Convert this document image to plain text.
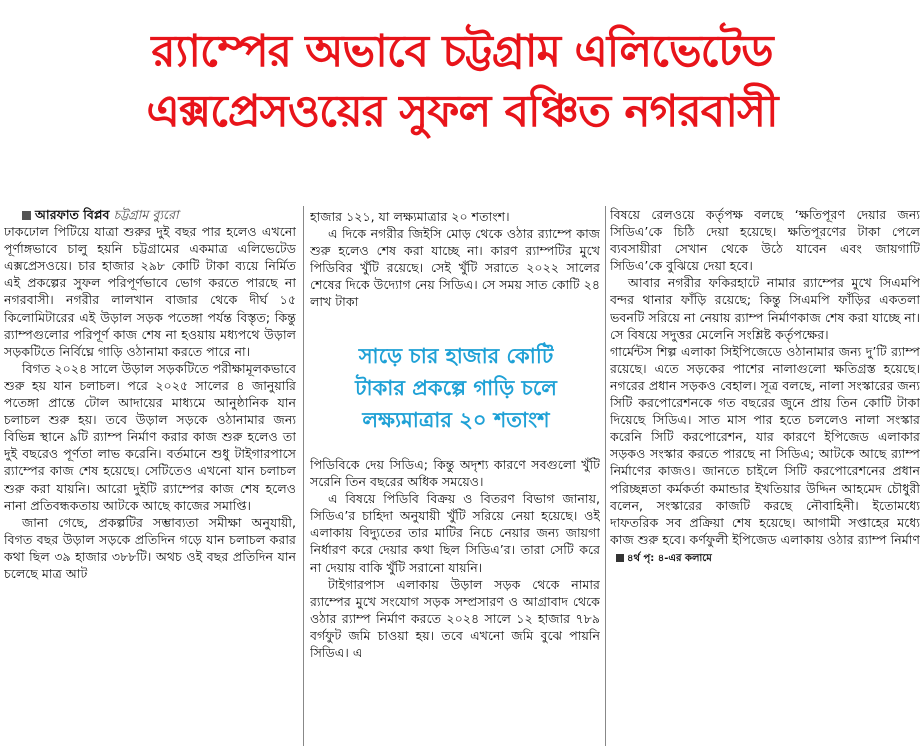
র‍্যাম্পের অভাবে চট্টগ্রাম এলিভেটেড
এক্সপ্রেসওয়ের সুফল বঞ্চিত নগরবাসী

আরফাত বিপ্লব চট্টগ্রাম ব্যুরো

ঢাকঢোল পিটিয়ে যাত্রা শুরুর দুই বছর পার হলেও এখনো পূর্ণাঙ্গভাবে চালু হয়নি চট্টগ্রামের একমাত্র এলিভেটেড এক্সপ্রেসওয়ে। চার হাজার ২৯৮ কোটি টাকা ব্যয়ে নির্মিত এই প্রকল্পের সুফল পরিপূর্ণভাবে ভোগ করতে পারছে না নগরবাসী। নগরীর লালখান বাজার থেকে দীর্ঘ ১৫ কিলোমিটারের এই উড়াল সড়ক পতেঙ্গা পর্যন্ত বিস্তৃত; কিন্তু র‍্যাম্পগুলোর পরিপূর্ণ কাজ শেষ না হওয়ায় মধ্যপথে উড়াল সড়কটিতে নির্বিঘ্নে গাড়ি ওঠানামা করতে পারে না।

বিগত ২০২৪ সালে উড়াল সড়কটিতে পরীক্ষামূলকভাবে শুরু হয় যান চলাচল। পরে ২০২৫ সালের ৪ জানুয়ারি পতেঙ্গা প্রান্তে টোল আদায়ের মাধ্যমে আনুষ্ঠানিক যান চলাচল শুরু হয়। তবে উড়াল সড়কে ওঠানামার জন্য বিভিন্ন স্থানে ৯টি র‍্যাম্প নির্মাণ করার কাজ শুরু হলেও তা দুই বছরেও পূর্ণতা লাভ করেনি। বর্তমানে শুধু টাইগারপাসে র‍্যাম্পের কাজ শেষ হয়েছে। সেটিতেও এখনো যান চলাচল শুরু করা যায়নি। আরো দুইটি র‍্যাম্পের কাজ শেষ হলেও নানা প্রতিবন্ধকতায় আটকে আছে কাজের সমাপ্তি।

জানা গেছে, প্রকল্পটির সম্ভাব্যতা সমীক্ষা অনুযায়ী, বিগত বছর উড়াল সড়কে প্রতিদিন গড়ে যান চলাচল করার কথা ছিল ৩৯ হাজার ৩৮৮টি। অথচ ওই বছর প্রতিদিন যান চলেছে মাত্র আট

হাজার ১২১, যা লক্ষ্যমাত্রার ২০ শতাংশ।

এ দিকে নগরীর জিইসি মোড় থেকে ওঠার র‍্যাম্পে কাজ শুরু হলেও শেষ করা যাচ্ছে না। কারণ র‍্যাম্পটির মুখে পিডিবির খুঁটি রয়েছে। সেই খুঁটি সরাতে ২০২২ সালের শেষের দিকে উদ্যোগ নেয় সিডিএ। সে সময় সাত কোটি ২৪ লাখ টাকা

সাড়ে চার হাজার কোটি
টাকার প্রকল্পে গাড়ি চলে
লক্ষ্যমাত্রার ২০ শতাংশ

পিডিবিকে দেয় সিডিএ; কিন্তু অদৃশ্য কারণে সবগুলো খুঁটি সরেনি তিন বছরের অধিক সময়েও।

এ বিষয়ে পিডিবি বিক্রয় ও বিতরণ বিভাগ জানায়, সিডিএ’র চাহিদা অনুযায়ী খুঁটি সরিয়ে নেয়া হয়েছে। ওই এলাকায় বিদ্যুতের তার মাটির নিচে নেয়ার জন্য জায়গা নির্ধারণ করে দেয়ার কথা ছিল সিডিএ’র। তারা সেটি করে না দেয়ায় বাকি খুঁটি সরানো যায়নি।

টাইগারপাস এলাকায় উড়াল সড়ক থেকে নামার র‍্যাম্পের মুখে সংযোগ সড়ক সম্প্রসারণ ও আগ্রাবাদ থেকে ওঠার র‍্যাম্প নির্মাণ করতে ২০২৪ সালে ১২ হাজার ৭৮৯ বর্গফুট জমি চাওয়া হয়। তবে এখনো জমি বুঝে পায়নি সিডিএ। এ

বিষয়ে রেলওয়ে কর্তৃপক্ষ বলছে ‘ক্ষতিপূরণ দেয়ার জন্য সিডিএ’কে চিঠি দেয়া হয়েছে। ক্ষতিপূরণের টাকা পেলে ব্যবসায়ীরা সেখান থেকে উঠে যাবেন এবং জায়গাটি সিডিএ’কে বুঝিয়ে দেয়া হবে।

আবার নগরীর ফকিরহাটে নামার র‍্যাম্পের মুখে সিএমপি বন্দর থানার ফাঁড়ি রয়েছে; কিন্তু সিএমপি ফাঁড়ির একতলা ভবনটি সরিয়ে না নেয়ায় র‍্যাম্প নির্মাণকাজ শেষ করা যাচ্ছে না। সে বিষয়ে সদুত্তর মেলেনি সংশ্লিষ্ট কর্তৃপক্ষের।

গার্মেন্টস শিল্প এলাকা সিইপিজেডে ওঠানামার জন্য দু’টি র‍্যাম্প রয়েছে। এতে সড়কের পাশের নালাগুলো ক্ষতিগ্রস্ত হয়েছে। নগরের প্রধান সড়কও বেহাল। সূত্র বলছে, নালা সংস্কারের জন্য সিটি করপোরেশনকে গত বছরের জুনে প্রায় তিন কোটি টাকা দিয়েছে সিডিএ। সাত মাস পার হতে চললেও নালা সংস্কার করেনি সিটি করপোরেশন, যার কারণে ইপিজেড এলাকার সড়কও সংস্কার করতে পারছে না সিডিএ; আটকে আছে র‍্যাম্প নির্মাণের কাজও। জানতে চাইলে সিটি করপোরেশনের প্রধান পরিচ্ছন্নতা কর্মকর্তা কমান্ডার ইখতিয়ার উদ্দিন আহমেদ চৌধুরী বলেন, সংস্কারের কাজটি করছে নৌবাহিনী। ইতোমধ্যে দাফতরিক সব প্রক্রিয়া শেষ হয়েছে। আগামী সপ্তাহের মধ্যে কাজ শুরু হবে। কর্ণফুলী ইপিজেড এলাকায় ওঠার র‍্যাম্প নির্মাণ৪র্থ পৃ: ৪-এর কলামে
